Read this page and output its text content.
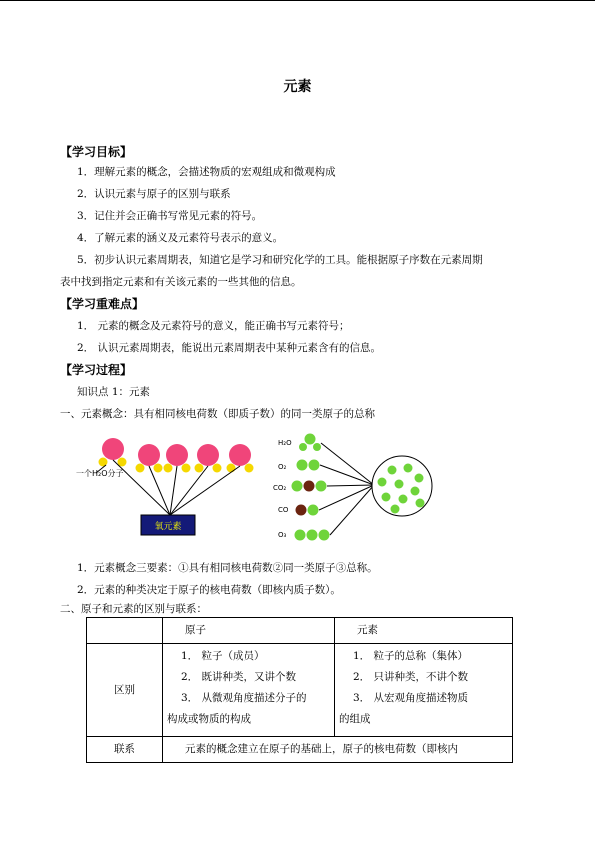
元素
【学习目标】
1．理解元素的概念，会描述物质的宏观组成和微观构成
2．认识元素与原子的区别与联系
3．记住并会正确书写常见元素的符号。
4．了解元素的涵义及元素符号表示的意义。
5．初步认识元素周期表，知道它是学习和研究化学的工具。能根据原子序数在元素周期
表中找到指定元素和有关该元素的一些其他的信息。
【学习重难点】
1． 元素的概念及元素符号的意义，能正确书写元素符号；
2． 认识元素周期表，能说出元素周期表中某种元素含有的信息。
【学习过程】
知识点 1：元素
一、元素概念：具有相同核电荷数（即质子数）的同一类原子的总称
一个H₂O分子
氧元素
H₂O
O₂
CO₂
CO
O₃
1．元素概念三要素：①具有相同核电荷数②同一类原子③总称。
2．元素的种类决定于原子的核电荷数（即核内质子数）。
二、原子和元素的区别与联系：
	原子	元素
区别	1． 粒子（成员）
2． 既讲种类，又讲个数
3． 从微观角度描述分子的
构成或物质的构成	1． 粒子的总称（集体）
2． 只讲种类，不讲个数
3． 从宏观角度描述物质
的组成

联系	元素的概念建立在原子的基础上，原子的核电荷数（即核内	
